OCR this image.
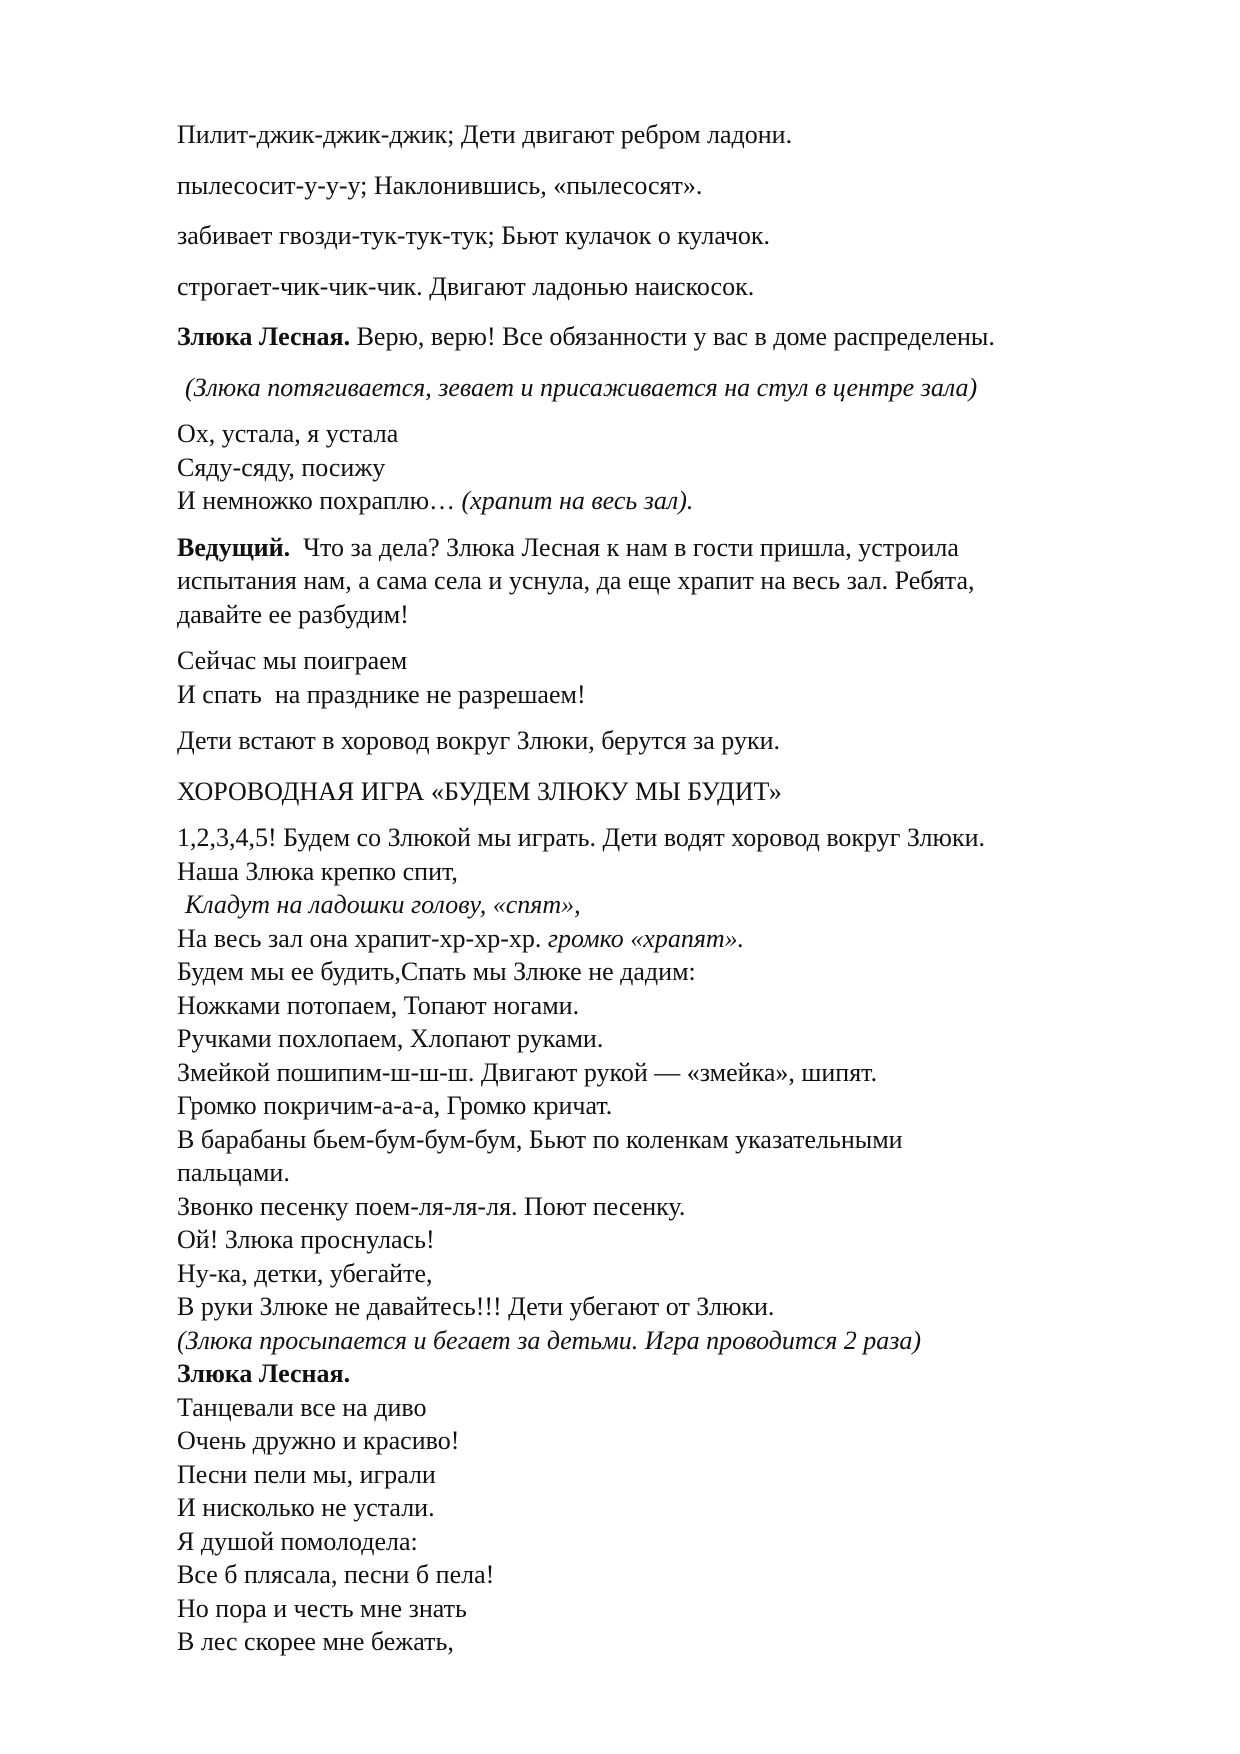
Пилит-джик-джик-джик; Дети двигают ребром ладони.

пылесосит-у-у-у; Наклонившись, «пылесосят».

забивает гвозди-тук-тук-тук; Бьют кулачок о кулачок.

строгает-чик-чик-чик. Двигают ладонью наискосок.

Злюка Лесная. Верю, верю! Все обязанности у вас в доме распределены.

(Злюка потягивается, зевает и присаживается на стул в центре зала)

Ох, устала, я устала
Сяду-сяду, посижу
И немножко похраплю… (храпит на весь зал).

Ведущий.  Что за дела? Злюка Лесная к нам в гости пришла, устроила
испытания нам, а сама села и уснула, да еще храпит на весь зал. Ребята,
давайте ее разбудим!

Сейчас мы поиграем
И спать  на празднике не разрешаем!

Дети встают в хоровод вокруг Злюки, берутся за руки.

ХОРОВОДНАЯ ИГРА «БУДЕМ ЗЛЮКУ МЫ БУДИТ»

1,2,3,4,5! Будем со Злюкой мы играть. Дети водят хоровод вокруг Злюки.
Наша Злюка крепко спит,
Кладут на ладошки голову, «спят»,
На весь зал она храпит-хр-хр-хр. громко «храпят».
Будем мы ее будить,Спать мы Злюке не дадим:
Ножками потопаем, Топают ногами.
Ручками похлопаем, Хлопают руками.
Змейкой пошипим-ш-ш-ш. Двигают рукой — «змейка», шипят.
Громко покричим-а-а-а, Громко кричат.
В барабаны бьем-бум-бум-бум, Бьют по коленкам указательными
пальцами.
Звонко песенку поем-ля-ля-ля. Поют песенку.
Ой! Злюка проснулась!
Ну-ка, детки, убегайте,
В руки Злюке не давайтесь!!! Дети убегают от Злюки.
(Злюка просыпается и бегает за детьми. Игра проводится 2 раза)
Злюка Лесная.
Танцевали все на диво
Очень дружно и красиво!
Песни пели мы, играли
И нисколько не устали.
Я душой помолодела:
Все б плясала, песни б пела!
Но пора и честь мне знать
В лес скорее мне бежать,
